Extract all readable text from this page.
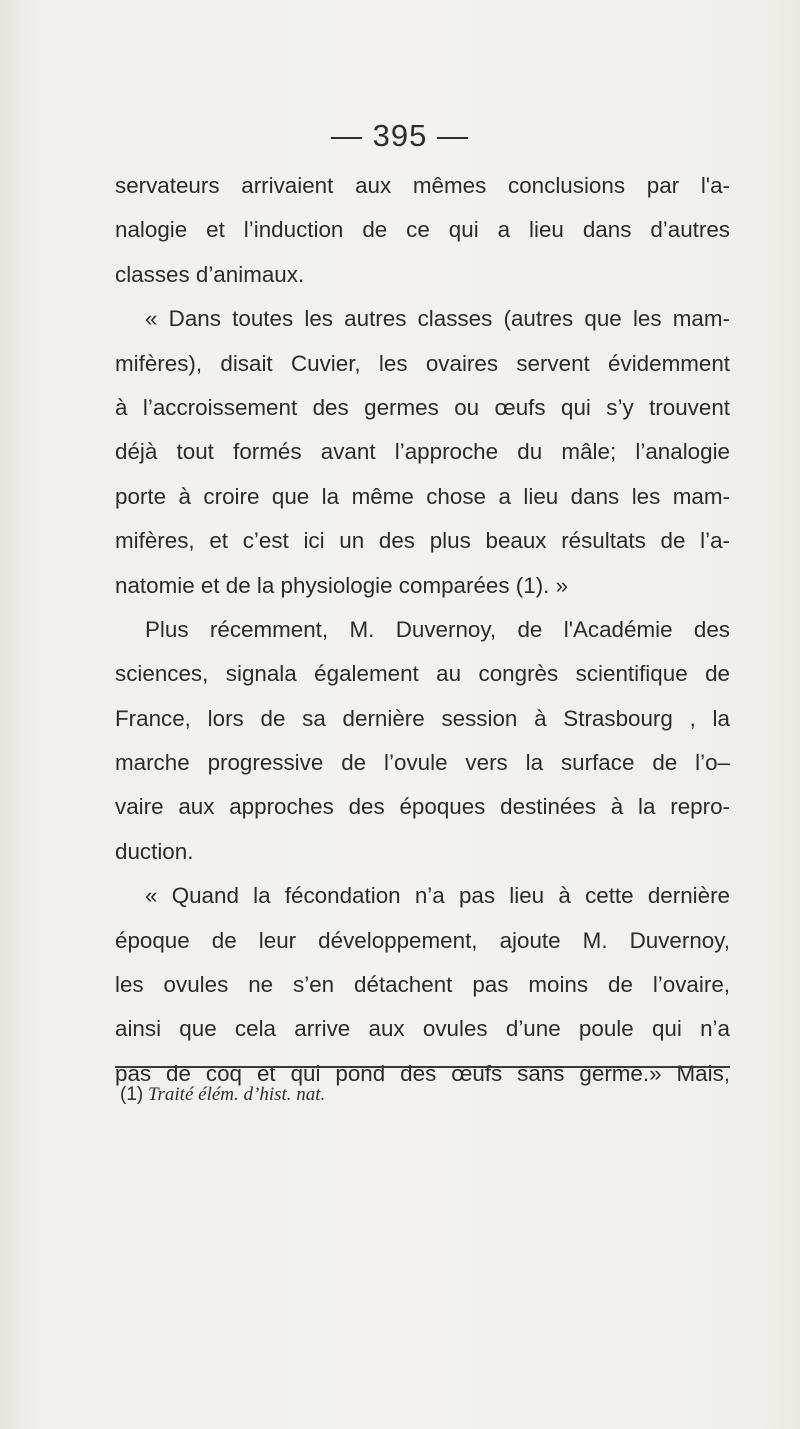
— 395 —
servateurs arrivaient aux mêmes conclusions par l'a-
nalogie et l’induction de ce qui a lieu dans d’autres
classes d’animaux.
« Dans toutes les autres classes (autres que les mam-
mifères), disait Cuvier, les ovaires servent évidemment
à l’accroissement des germes ou œufs qui s’y trouvent
déjà tout formés avant l’approche du mâle; l’analogie
porte à croire que la même chose a lieu dans les mam-
mifères, et c’est ici un des plus beaux résultats de l’a-
natomie et de la physiologie comparées (1). »
Plus récemment, M. Duvernoy, de l'Académie des
sciences, signala également au congrès scientifique de
France, lors de sa dernière session à Strasbourg , la
marche progressive de l’ovule vers la surface de l’o–
vaire aux approches des époques destinées à la repro-
duction.
« Quand la fécondation n’a pas lieu à cette dernière
époque de leur développement, ajoute M. Duvernoy,
les ovules ne s’en détachent pas moins de l’ovaire,
ainsi que cela arrive aux ovules d’une poule qui n’a
pas de coq et qui pond des œufs sans germe.» Mais,
(1) Traité élém. d’hist. nat.
